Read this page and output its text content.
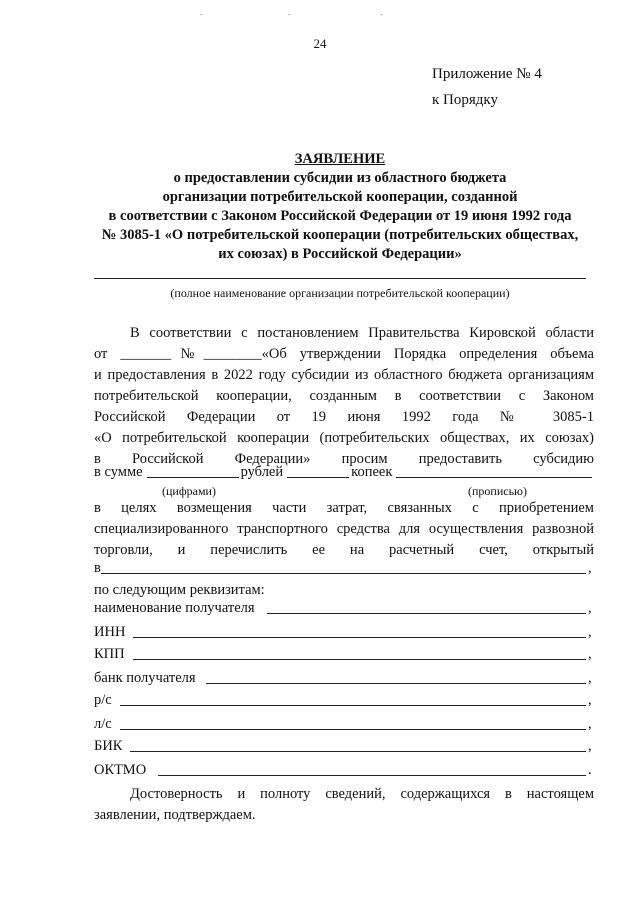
-	-	-
24
Приложение № 4
к Порядку
ЗАЯВЛЕНИЕ
о предоставлении субсидии из областного бюджета
организации потребительской кооперации, созданной
в соответствии с Законом Российской Федерации от 19 июня 1992 года
№ 3085-1 «О потребительской кооперации (потребительских обществах,
их союзах) в Российской Федерации»
(полное наименование организации потребительской кооперации)
В соответствии с постановлением Правительства Кировской области
от _______№________«Об утверждении Порядка определения объема
и предоставления в 2022 году субсидии из областного бюджета организациям
потребительской кооперации, созданным в соответствии с Законом
Российской Федерации от 19 июня 1992 года № 3085-1
«О потребительской кооперации (потребительских обществах, их союзах)
в Российской Федерации» просим предоставить субсидию
в сумме	рублей	копеек
(цифрами)	(прописью)
в целях возмещения части затрат, связанных с приобретением
специализированного транспортного средства для осуществления развозной
торговли, и перечислить ее на расчетный счет, открытый
в	,
по следующим реквизитам:
наименование получателя	,
ИНН	,
КПП	,
банк получателя	,
р/с	,
л/с	,
БИК	,
ОКТМО	.
Достоверность и полноту сведений, содержащихся в настоящем
заявлении, подтверждаем.
